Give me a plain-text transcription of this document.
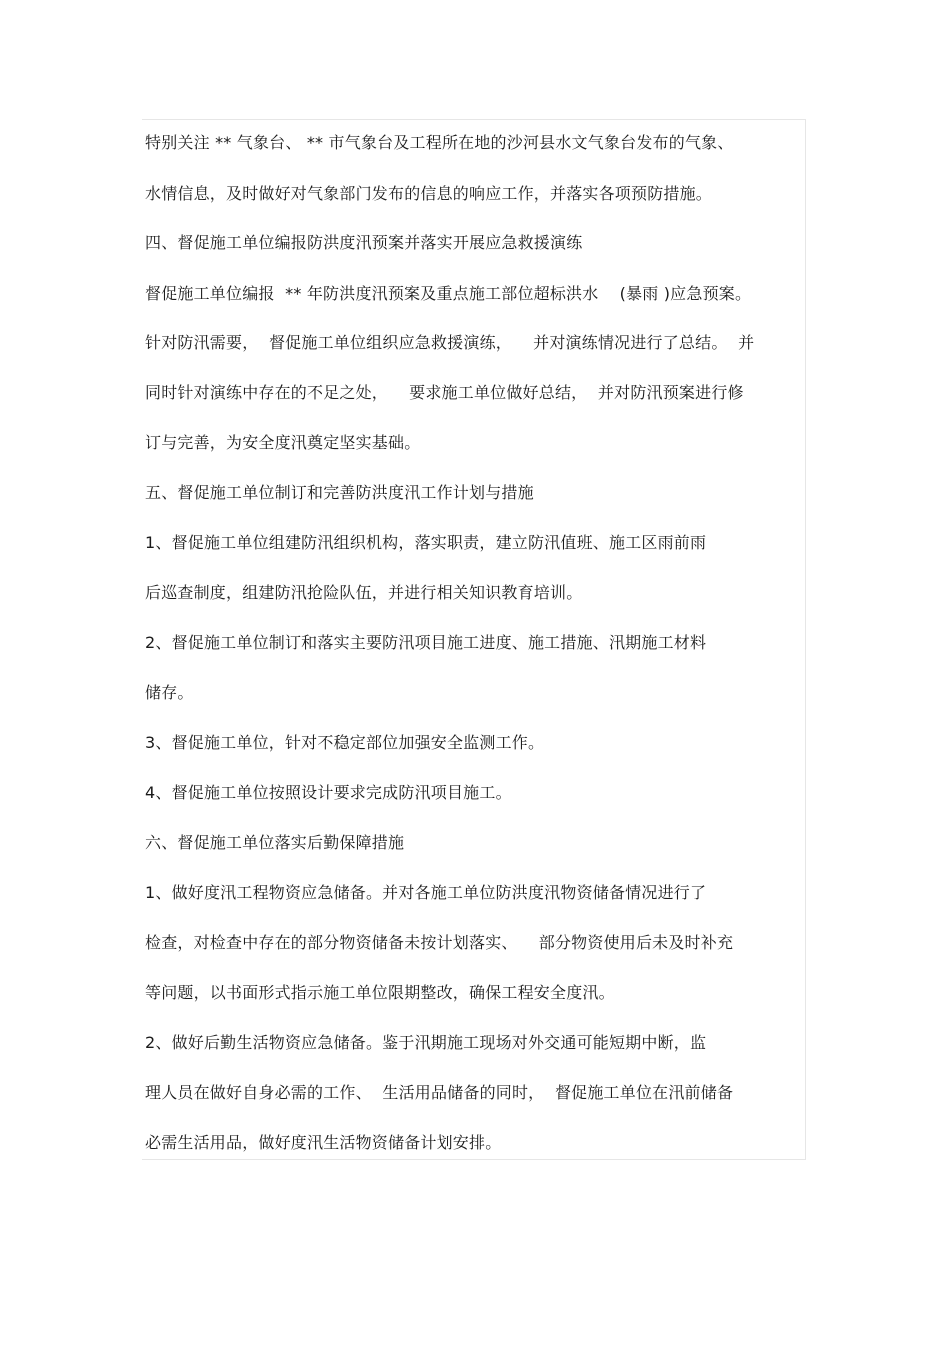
特别关注 ** 气象台、 ** 市气象台及工程所在地的沙河县水文气象台发布的气象、
水情信息，及时做好对气象部门发布的信息的响应工作，并落实各项预防措施。
四、督促施工单位编报防洪度汛预案并落实开展应急救援演练
督促施工单位编报  ** 年防洪度汛预案及重点施工部位超标洪水    (暴雨 )应急预案。
针对防汛需要，  督促施工单位组织应急救援演练，    并对演练情况进行了总结。  并
同时针对演练中存在的不足之处，    要求施工单位做好总结，  并对防汛预案进行修
订与完善，为安全度汛奠定坚实基础。
五、督促施工单位制订和完善防洪度汛工作计划与措施
1、督促施工单位组建防汛组织机构，落实职责，建立防汛值班、施工区雨前雨
后巡查制度，组建防汛抢险队伍，并进行相关知识教育培训。
2、督促施工单位制订和落实主要防汛项目施工进度、施工措施、汛期施工材料
储存。
3、督促施工单位，针对不稳定部位加强安全监测工作。
4、督促施工单位按照设计要求完成防汛项目施工。
六、督促施工单位落实后勤保障措施
1、做好度汛工程物资应急储备。并对各施工单位防洪度汛物资储备情况进行了
检查，对检查中存在的部分物资储备未按计划落实、    部分物资使用后未及时补充
等问题，以书面形式指示施工单位限期整改，确保工程安全度汛。
2、做好后勤生活物资应急储备。鉴于汛期施工现场对外交通可能短期中断，监
理人员在做好自身必需的工作、  生活用品储备的同时，  督促施工单位在汛前储备
必需生活用品，做好度汛生活物资储备计划安排。
